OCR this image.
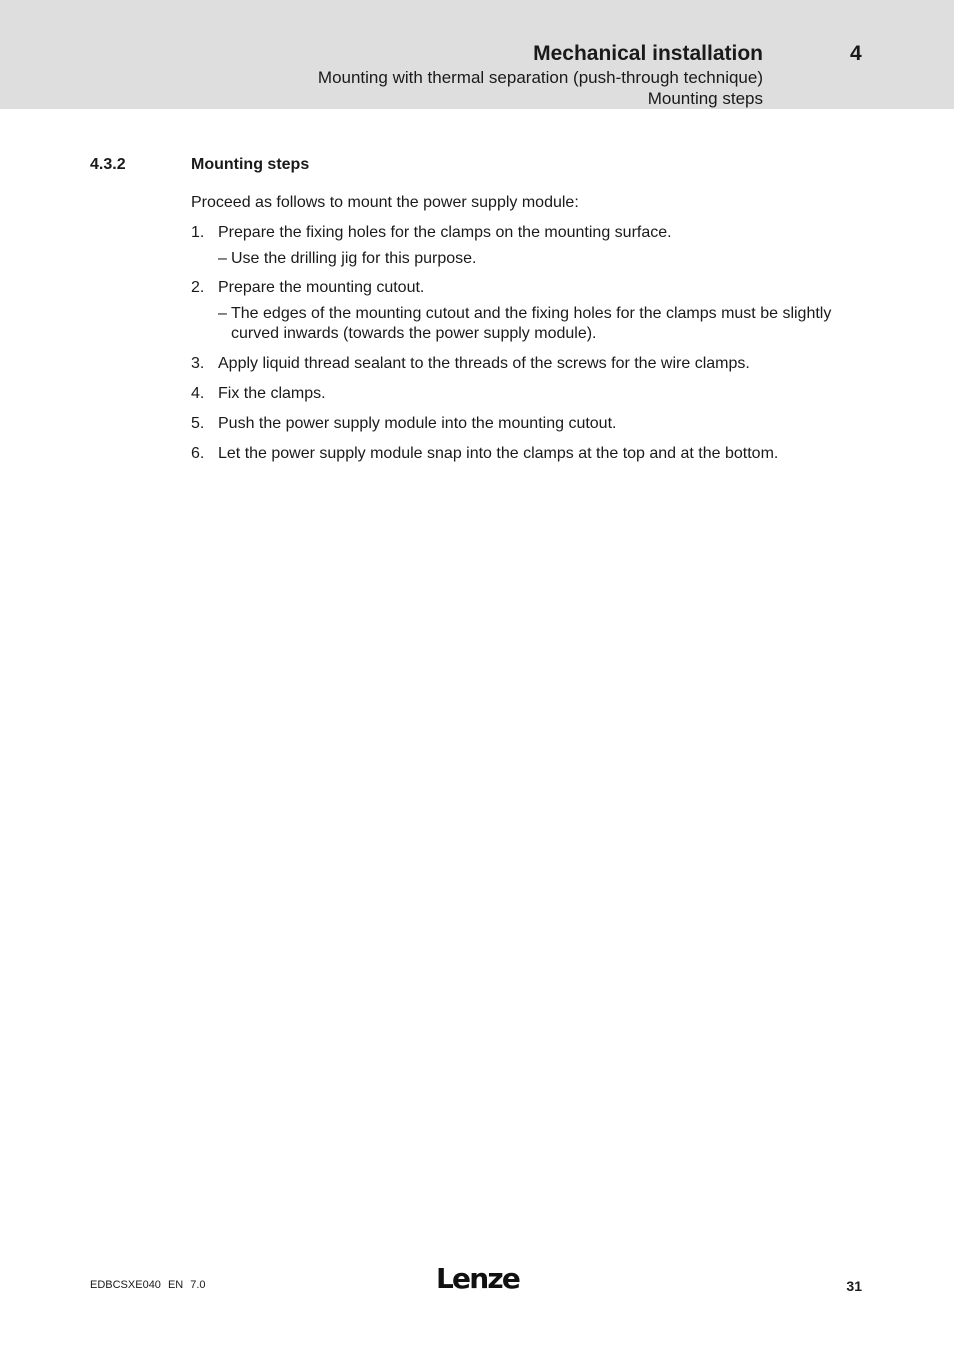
Mechanical installation	4
Mounting with thermal separation (push-through technique)
Mounting steps
4.3.2	Mounting steps
Proceed as follows to mount the power supply module:
1. Prepare the fixing holes for the clamps on the mounting surface.
– Use the drilling jig for this purpose.
2. Prepare the mounting cutout.
– The edges of the mounting cutout and the fixing holes for the clamps must be slightly curved inwards (towards the power supply module).
3. Apply liquid thread sealant to the threads of the screws for the wire clamps.
4. Fix the clamps.
5. Push the power supply module into the mounting cutout.
6. Let the power supply module snap into the clamps at the top and at the bottom.
EDBCSXE040 EN 7.0	Lenze	31
